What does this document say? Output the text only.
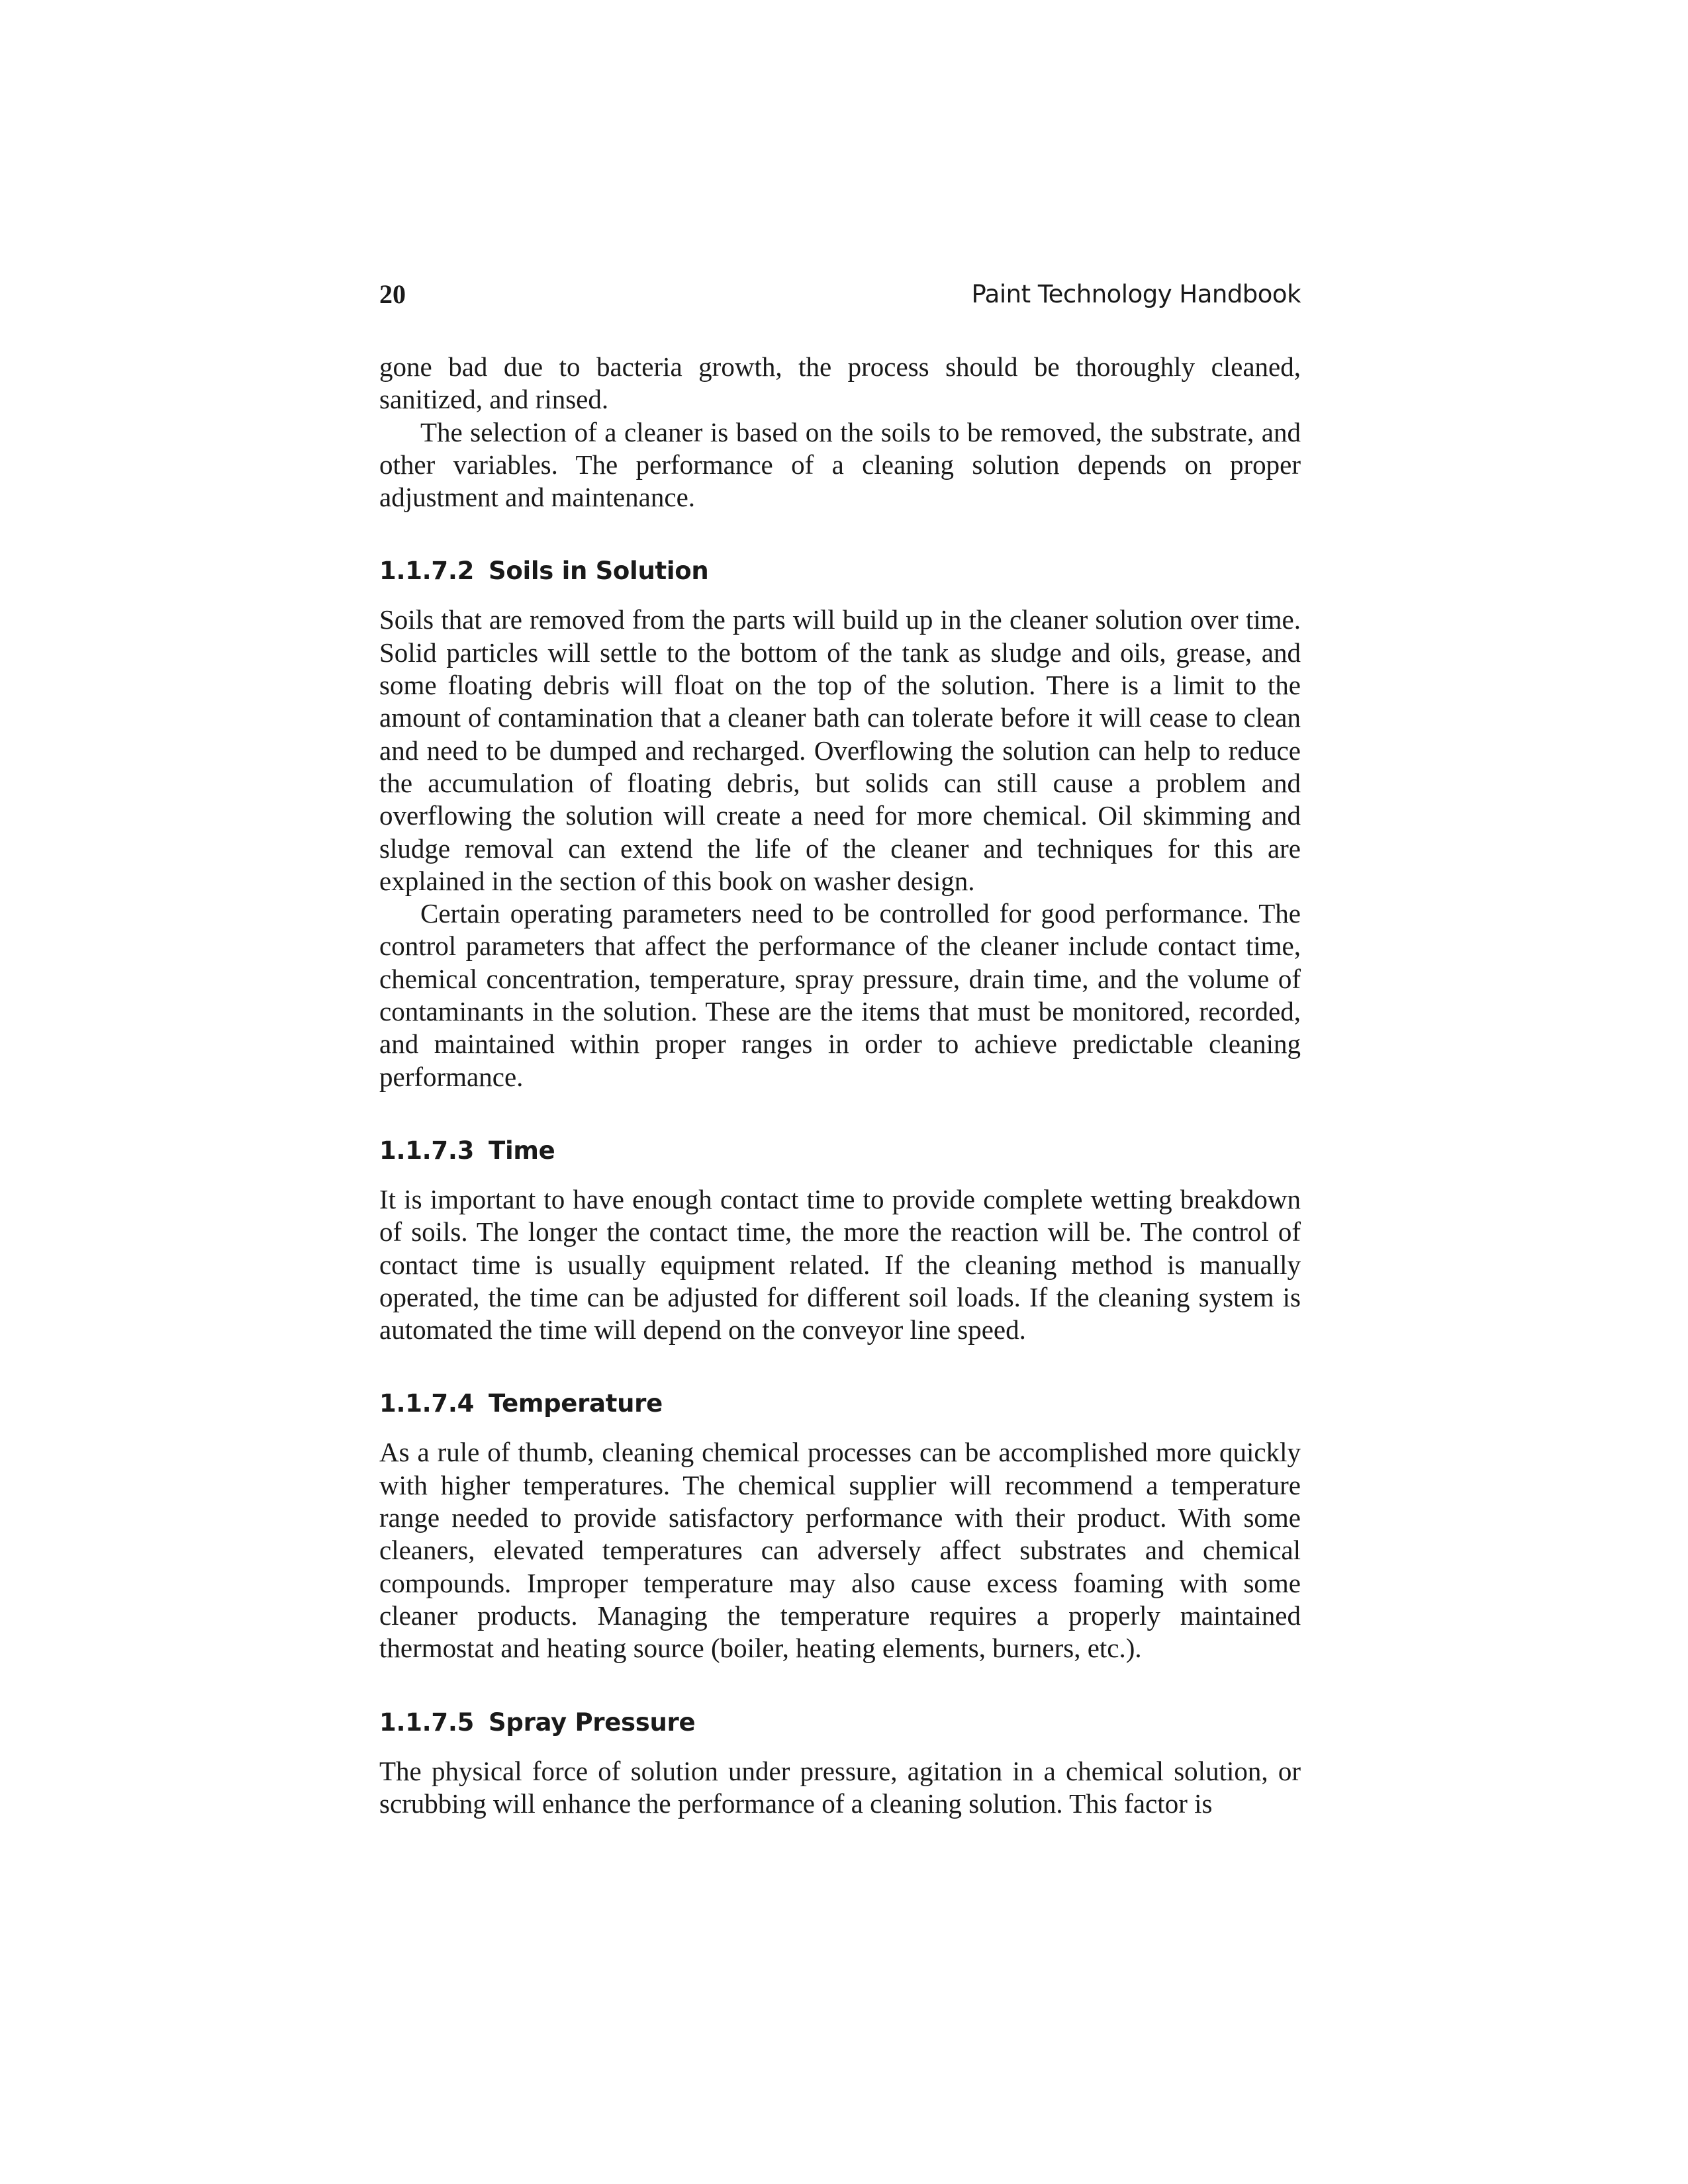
20	Paint Technology Handbook

gone bad due to bacteria growth, the process should be thoroughly cleaned, sanitized, and rinsed.

The selection of a cleaner is based on the soils to be removed, the substrate, and other variables. The performance of a cleaning solution depends on proper adjustment and maintenance.

1.1.7.2 Soils in Solution

Soils that are removed from the parts will build up in the cleaner solution over time. Solid particles will settle to the bottom of the tank as sludge and oils, grease, and some floating debris will float on the top of the solution. There is a limit to the amount of contamination that a cleaner bath can tolerate before it will cease to clean and need to be dumped and recharged. Overflowing the solution can help to reduce the accumulation of floating debris, but solids can still cause a problem and overflowing the solution will create a need for more chemical. Oil skimming and sludge removal can extend the life of the cleaner and techniques for this are explained in the section of this book on washer design.

Certain operating parameters need to be controlled for good performance. The control parameters that affect the performance of the cleaner include contact time, chemical concentration, temperature, spray pressure, drain time, and the volume of contaminants in the solution. These are the items that must be monitored, recorded, and maintained within proper ranges in order to achieve predictable cleaning performance.

1.1.7.3 Time

It is important to have enough contact time to provide complete wetting breakdown of soils. The longer the contact time, the more the reaction will be. The control of contact time is usually equipment related. If the cleaning method is manually operated, the time can be adjusted for different soil loads. If the cleaning system is automated the time will depend on the conveyor line speed.

1.1.7.4 Temperature

As a rule of thumb, cleaning chemical processes can be accomplished more quickly with higher temperatures. The chemical supplier will recommend a temperature range needed to provide satisfactory performance with their product. With some cleaners, elevated temperatures can adversely affect substrates and chemical compounds. Improper temperature may also cause excess foaming with some cleaner products. Managing the temperature requires a properly maintained thermostat and heating source (boiler, heating elements, burners, etc.).

1.1.7.5 Spray Pressure

The physical force of solution under pressure, agitation in a chemical solution, or scrubbing will enhance the performance of a cleaning solution. This factor is
